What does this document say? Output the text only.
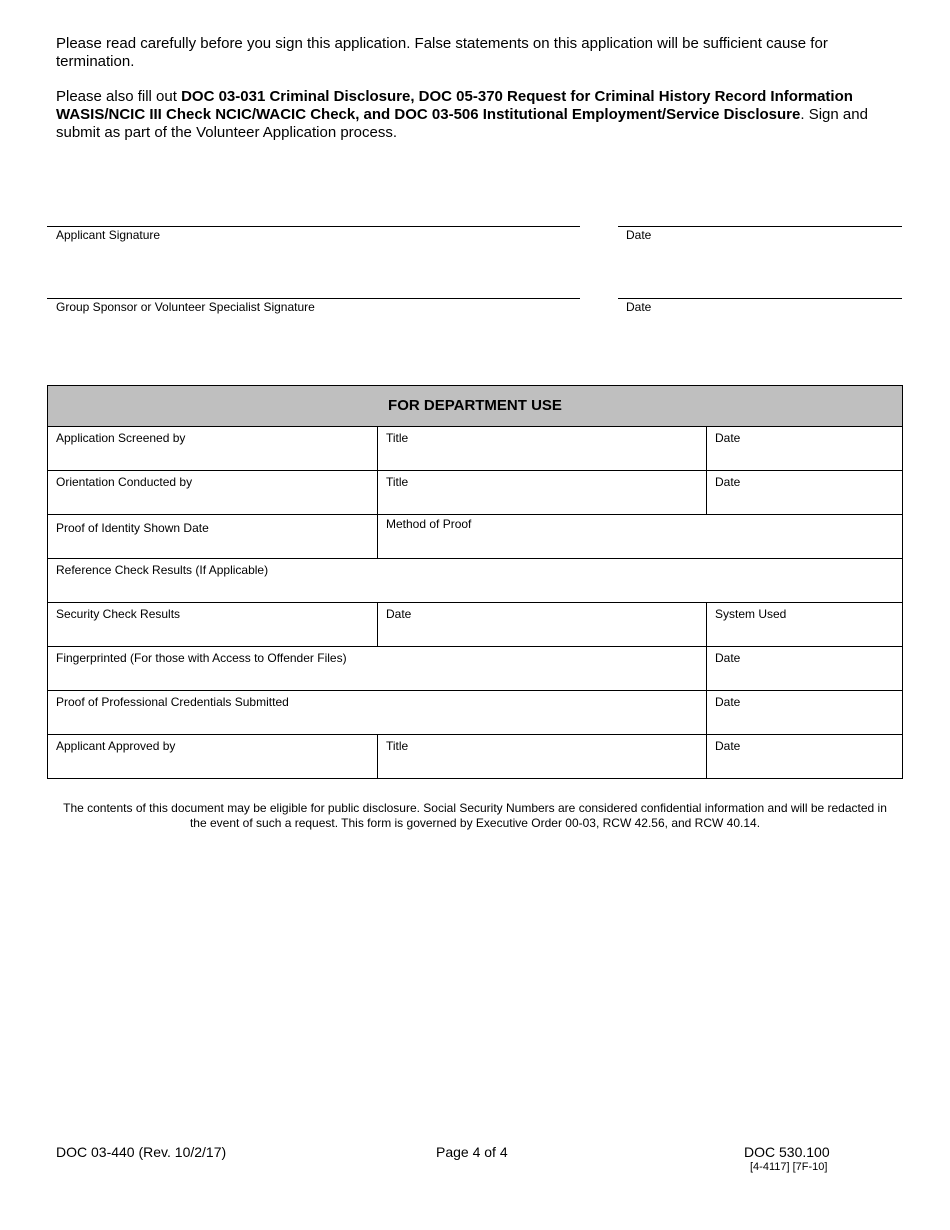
Please read carefully before you sign this application. False statements on this application will be sufficient cause for termination.

Please also fill out DOC 03-031 Criminal Disclosure, DOC 05-370 Request for Criminal History Record Information WASIS/NCIC III Check NCIC/WACIC Check, and DOC 03-506 Institutional Employment/Service Disclosure. Sign and submit as part of the Volunteer Application process.

Applicant Signature	Date
Group Sponsor or Volunteer Specialist Signature	Date
FOR DEPARTMENT USE		
Application Screened by	Title	Date
Orientation Conducted by	Title	Date
Proof of Identity Shown Date	Method of Proof	
Reference Check Results (If Applicable)		
Security Check Results	Date	System Used
Fingerprinted (For those with Access to Offender Files)		Date
Proof of Professional Credentials Submitted		Date
Applicant Approved by	Title	Date
The contents of this document may be eligible for public disclosure. Social Security Numbers are considered confidential information and will be redacted in the event of such a request. This form is governed by Executive Order 00-03, RCW 42.56, and RCW 40.14.
DOC 03-440 (Rev. 10/2/17)	Page 4 of 4	DOC 530.100
[4-4117] [7F-10]
